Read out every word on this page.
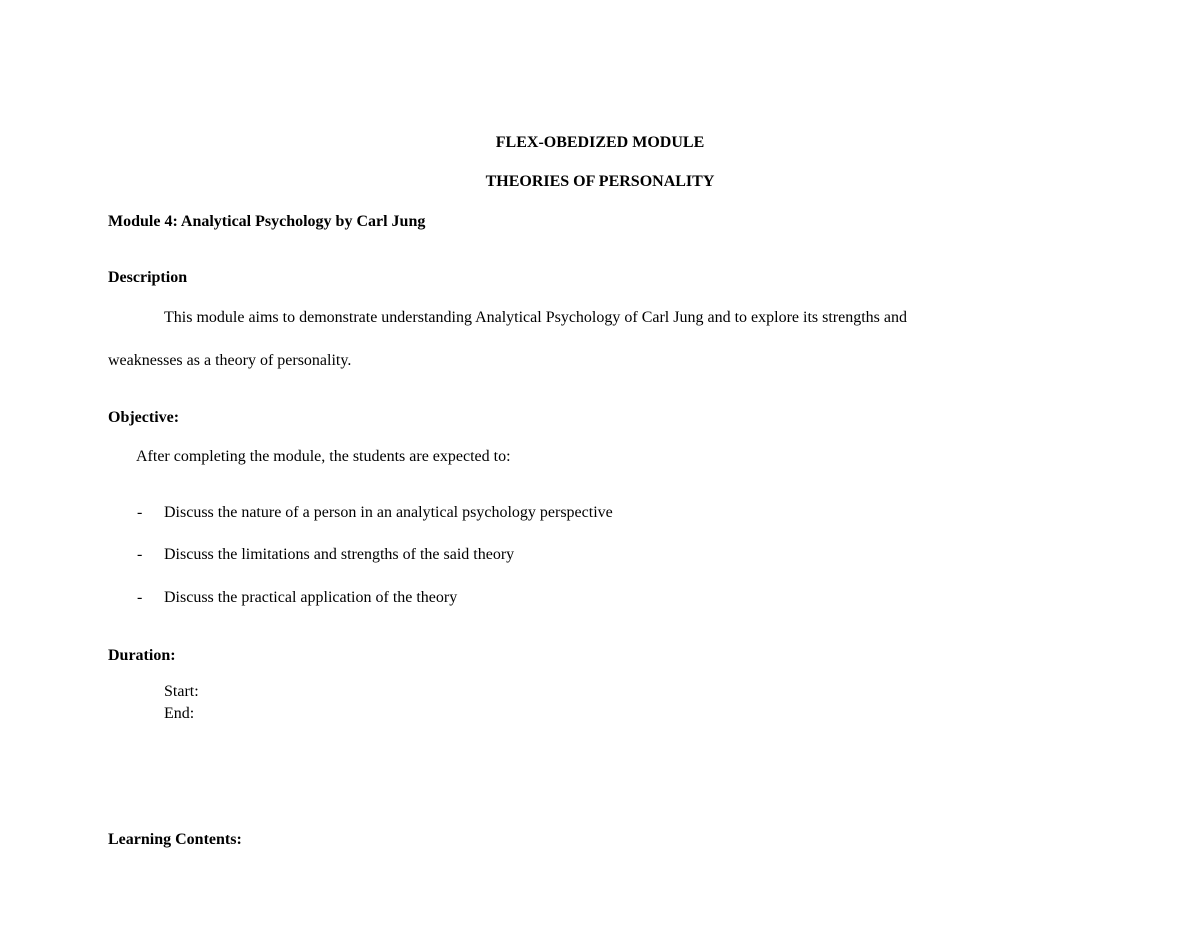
FLEX-OBEDIZED MODULE
THEORIES OF PERSONALITY
Module 4: Analytical Psychology by Carl Jung
Description
This module aims to demonstrate understanding Analytical Psychology of Carl Jung and to explore its strengths and
weaknesses as a theory of personality.
Objective:
After completing the module, the students are expected to:
- Discuss the nature of a person in an analytical psychology perspective
- Discuss the limitations and strengths of the said theory
- Discuss the practical application of the theory
Duration:
Start:
End:
Learning Contents:
